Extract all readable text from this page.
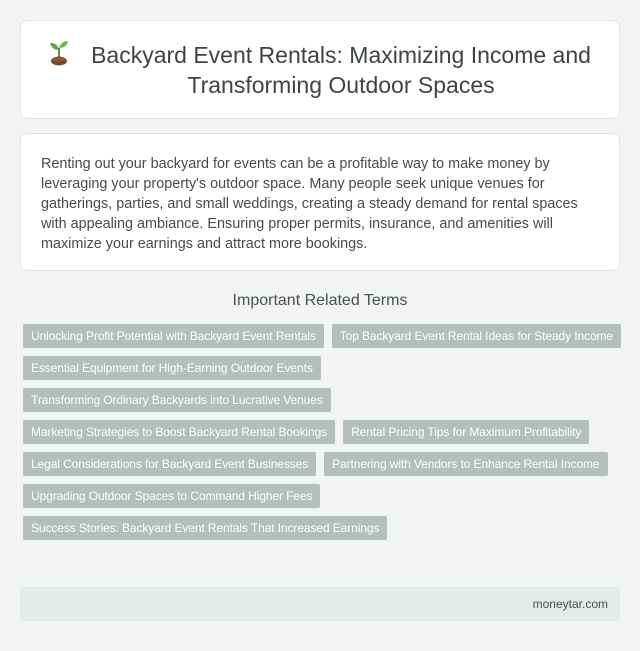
Backyard Event Rentals: Maximizing Income and Transforming Outdoor Spaces

Renting out your backyard for events can be a profitable way to make money by leveraging your property's outdoor space. Many people seek unique venues for gatherings, parties, and small weddings, creating a steady demand for rental spaces with appealing ambiance. Ensuring proper permits, insurance, and amenities will maximize your earnings and attract more bookings.

Important Related Terms
Unlocking Profit Potential with Backyard Event Rentals	Top Backyard Event Rental Ideas for Steady Income
Essential Equipment for High-Earning Outdoor Events
Transforming Ordinary Backyards into Lucrative Venues
Marketing Strategies to Boost Backyard Rental Bookings	Rental Pricing Tips for Maximum Profitability
Legal Considerations for Backyard Event Businesses	Partnering with Vendors to Enhance Rental Income
Upgrading Outdoor Spaces to Command Higher Fees
Success Stories: Backyard Event Rentals That Increased Earnings
moneytar.com
